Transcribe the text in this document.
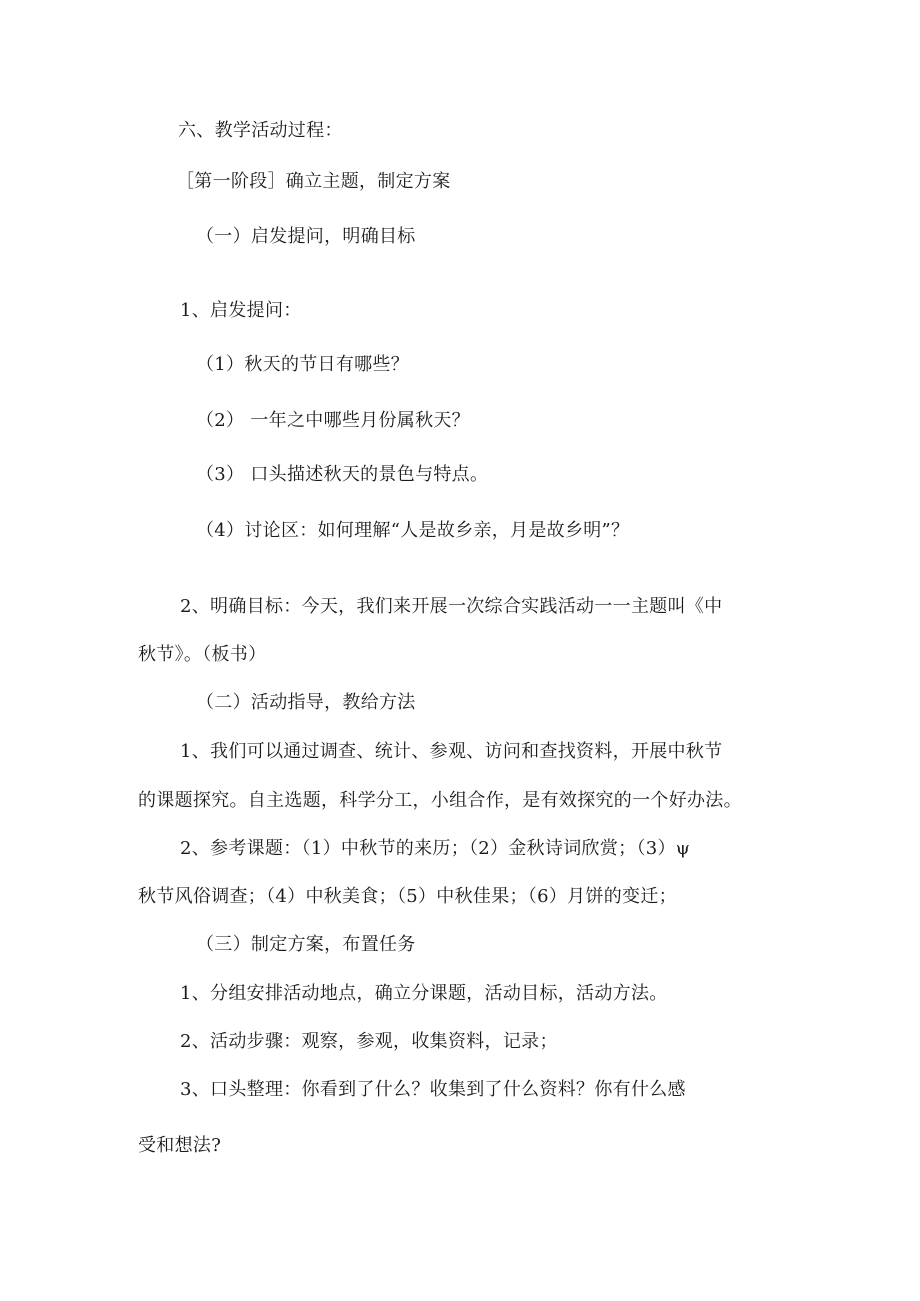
六、教学活动过程：
［第一阶段］确立主题，制定方案
（一）启发提问，明确目标
1、启发提问：
（1）秋天的节日有哪些？
（2） 一年之中哪些月份属秋天？
（3） 口头描述秋天的景色与特点。
（4）讨论区：如何理解“人是故乡亲，月是故乡明”？
2、明确目标：今天，我们来开展一次综合实践活动一一主题叫《中
秋节》。（板书）
（二）活动指导，教给方法
1、我们可以通过调查、统计、参观、访问和查找资料，开展中秋节
的课题探究。自主选题，科学分工，小组合作，是有效探究的一个好办法。
2、参考课题：（1）中秋节的来历；（2）金秋诗词欣赏；（3）ψ
秋节风俗调查；（4）中秋美食；（5）中秋佳果；（6）月饼的变迁；
（三）制定方案，布置任务
1、分组安排活动地点，确立分课题，活动目标，活动方法。
2、活动步骤：观察，参观，收集资料，记录；
3、口头整理：你看到了什么？收集到了什么资料？你有什么感
受和想法?
